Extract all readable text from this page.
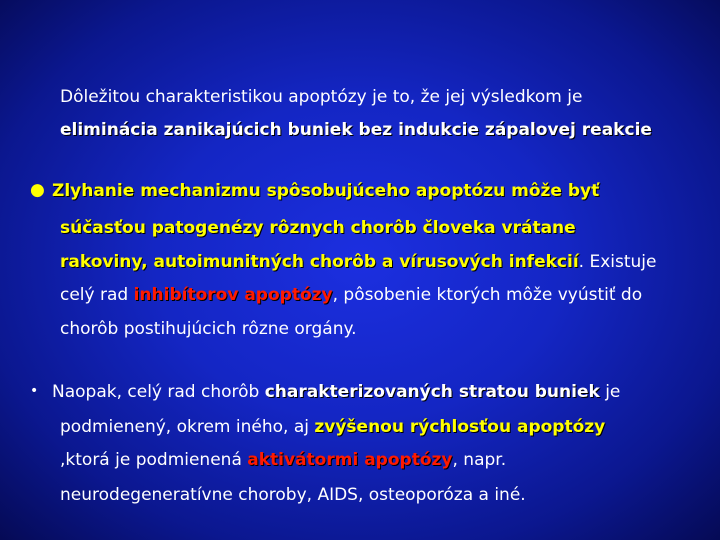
Dôležitou charakteristikou apoptózy je to, že jej výsledkom je
eliminácia zanikajúcich buniek bez indukcie zápalovej reakcie
● Zlyhanie mechanizmu spôsobujúceho apoptózu môže byť
súčasťou patogenézy rôznych chorôb človeka vrátane
rakoviny, autoimunitných chorôb a vírusových infekcií. Existuje
celý rad inhibítorov apoptózy, pôsobenie ktorých môže vyústiť do
chorôb postihujúcich rôzne orgány.
• Naopak, celý rad chorôb charakterizovaných stratou buniek je
podmienený, okrem iného, aj zvýšenou rýchlosťou apoptózy
,ktorá je podmienená aktivátormi apoptózy, napr.
neurodegeneratívne choroby, AIDS, osteoporóza a iné.
